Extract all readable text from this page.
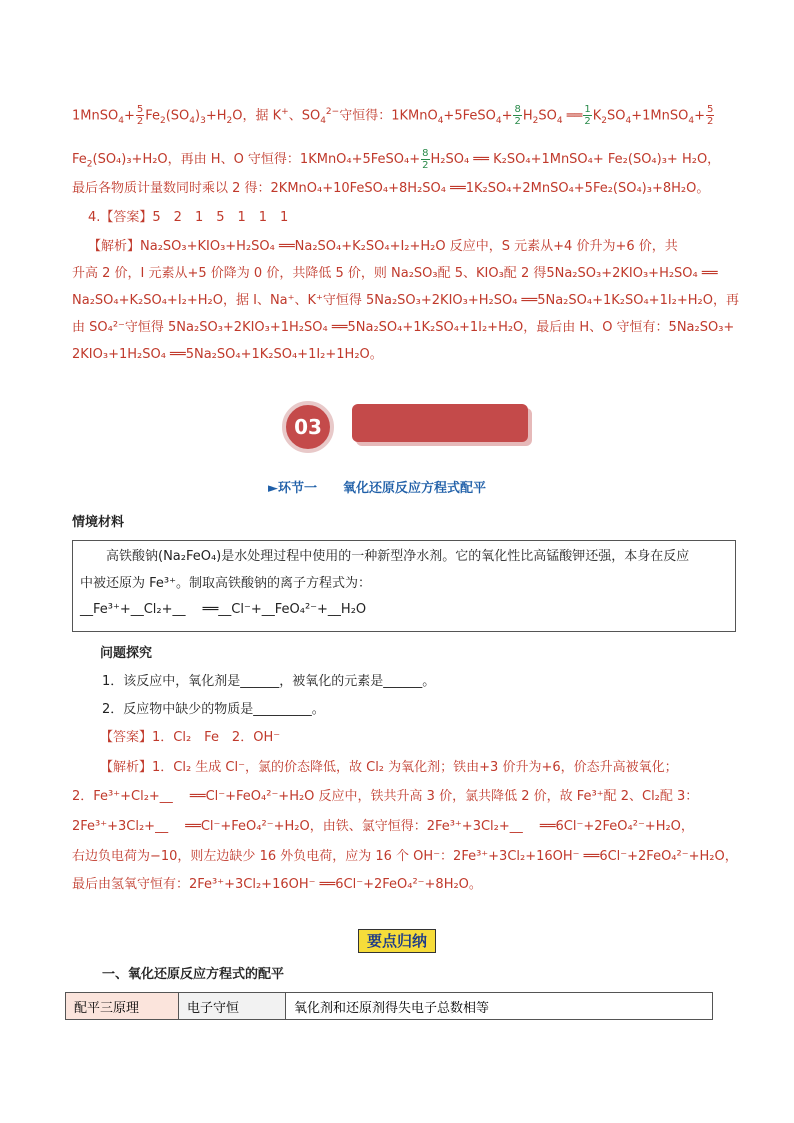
1MnSO$_4$+ $\frac{5}{2} Fe_2(SO_4)_3+H_2O$，据 K+、$SO_4^{2-}$守恒得：1KMnO$_4$+5FeSO$_4$+ $\frac{8}{2} H_2SO_4$ ══ $\frac{1}{2}$ $K_2SO_4+1MnSO_4+ \frac{5}{2}$
$Fe_2(SO_4)_3+H_2O$，再由 H、O 守恒得：1KMnO₄+5FeSO₄+ $\frac{8}{2} H_2SO_4$ ══ K₂SO₄+1MnSO₄+ Fe₂(SO₄)₃+ H₂O，
最后各物质计量数同时乘以 2 得：2KMnO₄+10FeSO₄+8H₂SO₄ ══1K₂SO₄+2MnSO₄+5Fe₂(SO₄)₃+8H₂O。
4.【答案】5　2　1　5　1　1　1
【解析】Na₂SO₃+KIO₃+H₂SO₄ ══Na₂SO₄+K₂SO₄+I₂+H₂O 反应中，S 元素从+4 价升为+6 价，共
升高 2 价，I 元素从+5 价降为 0 价，共降低 5 价，则 Na₂SO₃配 5、KIO₃配 2 得5Na₂SO₃+2KIO₃+H₂SO₄ ══
Na₂SO₄+K₂SO₄+I₂+H₂O，据 I、Na⁺、K⁺守恒得 5Na₂SO₃+2KIO₃+H₂SO₄ ══5Na₂SO₄+1K₂SO₄+1I₂+H₂O，再
由 SO₄²⁻守恒得 5Na₂SO₃+2KIO₃+1H₂SO₄ ══5Na₂SO₄+1K₂SO₄+1I₂+H₂O，最后由 H、O 守恒有：5Na₂SO₃+
2KIO₃+1H₂SO₄ ══5Na₂SO₄+1K₂SO₄+1I₂+1H₂O。
03
►环节一　　氧化还原反应方程式配平
情境材料
　　高铁酸钠(Na₂FeO₄)是水处理过程中使用的一种新型净水剂。它的氧化性比高锰酸钾还强，本身在反应
中被还原为 Fe³⁺。制取高铁酸钠的离子方程式为：
__Fe³⁺+__Cl₂+__　 ══__Cl⁻+__FeO₄²⁻+__H₂O
问题探究
1．该反应中，氧化剂是______，被氧化的元素是______。
2．反应物中缺少的物质是_________。
【答案】1．Cl₂　Fe　2．OH⁻
【解析】1．Cl₂ 生成 Cl⁻，氯的价态降低，故 Cl₂ 为氧化剂；铁由+3 价升为+6，价态升高被氧化；
2．Fe³⁺+Cl₂+__　 ══Cl⁻+FeO₄²⁻+H₂O 反应中，铁共升高 3 价，氯共降低 2 价，故 Fe³⁺配 2、Cl₂配 3：
2Fe³⁺+3Cl₂+__　 ══Cl⁻+FeO₄²⁻+H₂O，由铁、氯守恒得：2Fe³⁺+3Cl₂+__　 ══6Cl⁻+2FeO₄²⁻+H₂O，
右边负电荷为−10，则左边缺少 16 外负电荷，应为 16 个 OH⁻：2Fe³⁺+3Cl₂+16OH⁻ ══6Cl⁻+2FeO₄²⁻+H₂O，
最后由氢氧守恒有：2Fe³⁺+3Cl₂+16OH⁻ ══6Cl⁻+2FeO₄²⁻+8H₂O。
要点归纳
一、氧化还原反应方程式的配平
配平三原理	电子守恒	氧化剂和还原剂得失电子总数相等
